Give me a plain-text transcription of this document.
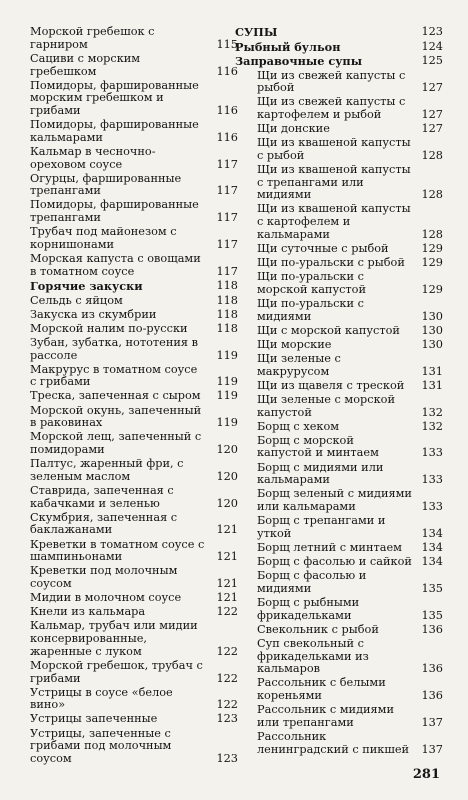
Морской гребешок с гарниром	115
Сациви с морским гребешком	116
Помидоры, фаршированные морским гребешком и грибами	116
Помидоры, фаршированные кальмарами	116
Кальмар в чесночно-ореховом соусе	117
Огурцы, фаршированные трепангами	117
Помидоры, фаршированные трепангами	117
Трубач под майонезом с корнишонами	117
Морская капуста с овощами в томатном соусе	117
Горячие закуски	118
Сельдь с яйцом	118
Закуска из скумбрии	118
Морской налим по-русски	118
Зубан, зубатка, нототения в рассоле	119
Макруруc в томатном соусе с грибами	119
Треска, запеченная с сыром	119
Морской окунь, запеченный в раковинах	119
Морской лещ, запеченный с помидорами	120
Палтус, жаренный фри, с зеленым маслом	120
Ставрида, запеченная с кабачками и зеленью	120
Скумбрия, запеченная с баклажанами	121
Креветки в томатном соусе с шампиньонами	121
Креветки под молочным соусом	121
Мидии в молочном соусе	121
Кнели из кальмара	122
Кальмар, трубач или мидии консервированные, жаренные с луком	122
Морской гребешок, трубач с грибами	122
Устрицы в соусе «белое вино»	122
Устрицы запеченные	123
Устрицы, запеченные с грибами под молочным соусом	123
СУПЫ	123
Рыбный бульон	124
Заправочные супы	125
Щи из свежей капусты с рыбой	127
Щи из свежей капусты с картофелем и рыбой	127
Щи донские	127
Щи из квашеной капусты с рыбой	128
Щи из квашеной капусты с трепангами или мидиями	128
Щи из квашеной капусты с картофелем и кальмарами	128
Щи суточные с рыбой	129
Щи по-уральски с рыбой	129
Щи по-уральски с морской капустой	129
Щи по-уральски с мидиями	130
Щи с морской капустой	130
Щи морские	130
Щи зеленые с макрурусом	131
Щи из щавеля с треской	131
Щи зеленые с морской капустой	132
Борщ с хеком	132
Борщ с морской капустой и минтаем	133
Борщ с мидиями или кальмарами	133
Борщ зеленый с мидиями или кальмарами	133
Борщ с трепангами и уткой	134
Борщ летний с минтаем	134
Борщ с фасолью и сайкой 134
Борщ с фасолью и мидиями	135
Борщ с рыбными фрикадельками	135
Свекольник с рыбой	136
Суп свекольный с фрикадельками из кальмаров	136
Рассольник с белыми кореньями	136
Рассольник с мидиями или трепангами	137
Рассольник ленинградский с пикшей	137
281
